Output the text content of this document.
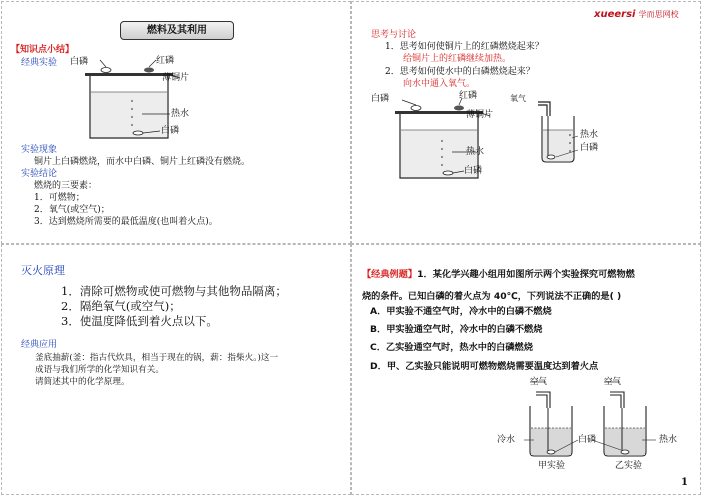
燃料及其利用
【知识点小结】
经典实验 白磷	红磷
薄铜片
热水
白磷
实验现象
铜片上白磷燃烧，而水中白磷、铜片上红磷没有燃烧。
实验结论
燃烧的三要素：
1．可燃物；
2．氧气(或空气)；
3．达到燃烧所需要的最低温度(也叫着火点)。
xueersi 学而思网校
思考与讨论
1．思考如何使铜片上的红磷燃烧起来？
给铜片上的红磷继续加热。
2．思考如何使水中的白磷燃烧起来？
向水中通入氧气。
白磷	红磷
薄铜片
热水
白磷
氧气
热水
白磷
灭火原理
1．清除可燃物或使可燃物与其他物品隔离；
2．隔绝氧气(或空气)；
3．使温度降低到着火点以下。
经典应用
釜底抽薪(釜：指古代炊具，相当于现在的锅，薪：指柴火。)这一
成语与我们所学的化学知识有关。
请简述其中的化学原理。
【经典例题】1．某化学兴趣小组用如图所示两个实验探究可燃物燃
烧的条件。已知白磷的着火点为 40℃，下列说法不正确的是( )
A．甲实验不通空气时，冷水中的白磷不燃烧
B．甲实验通空气时，冷水中的白磷不燃烧
C．乙实验通空气时，热水中的白磷燃烧
D．甲、乙实验只能说明可燃物燃烧需要温度达到着火点
空气	空气
冷水	白磷	热水
甲实验	乙实验
1
